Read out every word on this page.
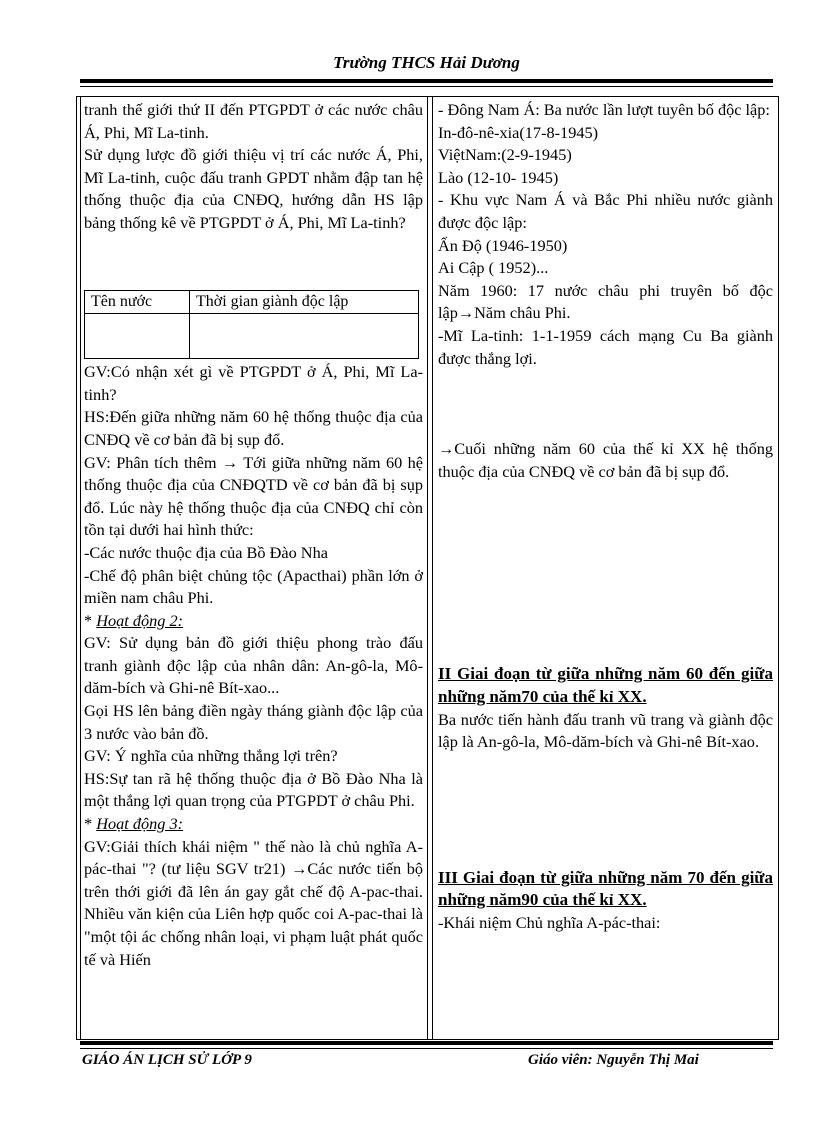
Trường THCS Hải Dương

tranh thế giới thứ II đến PTGPDT ở các nước châu Á, Phi, Mĩ La-tinh.

Sử dụng lược đồ giới thiệu vị trí các nước Á, Phi, Mĩ La-tinh, cuộc đấu tranh GPDT nhằm đập tan hệ thống thuộc địa của CNĐQ, hướng dẫn HS lập bảng thống kê về PTGPDT ở Á, Phi, Mĩ La-tinh?

Tên nước	Thời gian giành độc lập

GV:Có nhận xét gì về PTGPDT ở Á, Phi, Mĩ La-tinh?

HS:Đến giữa những năm 60 hệ thống thuộc địa của CNĐQ về cơ bản đã bị sụp đổ.

GV: Phân tích thêm → Tới giữa những năm 60 hệ thống thuộc địa của CNĐQTD về cơ bản đã bị sụp đổ. Lúc này hệ thống thuộc địa của CNĐQ chỉ còn tồn tại dưới hai hình thức:

-Các nước thuộc địa của Bồ Đào Nha

-Chế độ phân biệt chủng tộc (Apacthai) phần lớn ở miền nam châu Phi.

* Hoạt động 2:

GV: Sử dụng bản đồ giới thiệu phong trào đấu tranh giành độc lập của nhân dân: An-gô-la, Mô-dăm-bích và Ghi-nê Bít-xao...

Gọi HS lên bảng điền ngày tháng giành độc lập của 3 nước vào bản đồ.

GV: Ý nghĩa của những thắng lợi trên?

HS:Sự tan rã hệ thống thuộc địa ở Bồ Đào Nha là một thắng lợi quan trọng của PTGPDT ở châu Phi.

* Hoạt động 3:

GV:Giải thích khái niệm " thế nào là chủ nghĩa A-pác-thai "? (tư liệu SGV tr21) →Các nước tiến bộ trên thới giới đã lên án gay gắt chế độ A-pac-thai. Nhiều văn kiện của Liên hợp quốc coi A-pac-thai là "một tội ác chống nhân loại, vi phạm luật phát quốc tế và Hiến

- Đông Nam Á: Ba nước lần lượt tuyên bố độc lập:

In-đô-nê-xia(17-8-1945)

ViệtNam:(2-9-1945)

Lào (12-10- 1945)

- Khu vực Nam Á và Bắc Phi nhiều nước giành được độc lập:

Ấn Độ (1946-1950)

Ai Cập ( 1952)...

Năm 1960: 17 nước châu phi truyên bố độc lập→Năm châu Phi.

-Mĩ La-tinh: 1-1-1959 cách mạng Cu Ba giành được thắng lợi.

→Cuối những năm 60 của thế kỉ XX hệ thống thuộc địa của CNĐQ về cơ bản đã bị sụp đổ.

II Giai đoạn từ giữa những năm 60 đến giữa những năm70 của thế kỉ XX.

Ba nước tiến hành đấu tranh vũ trang và giành độc lập là An-gô-la, Mô-dăm-bích và Ghi-nê Bít-xao.

III Giai đoạn từ giữa những năm 70 đến giữa những năm90 của thế kỉ XX.

-Khái niệm Chủ nghĩa A-pác-thai:

GIÁO ÁN LỊCH SỬ LỚP 9	Giáo viên: Nguyễn Thị Mai
